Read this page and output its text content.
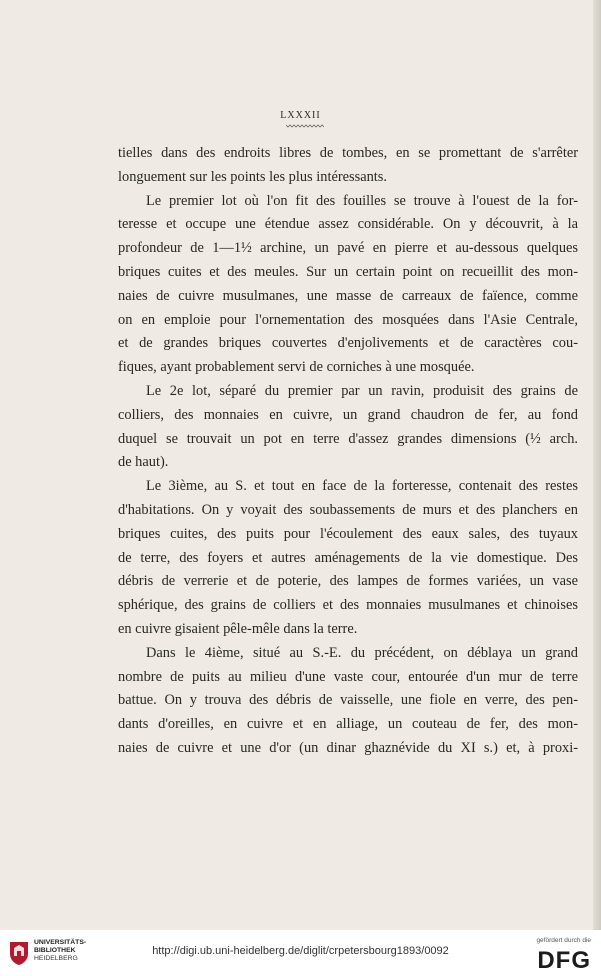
LXXXII
tielles dans des endroits libres de tombes, en se promettant de s'arrêter
longuement sur les points les plus intéressants.
Le premier lot où l'on fit des fouilles se trouve à l'ouest de la for-
teresse et occupe une étendue assez considérable. On y découvrit, à la
profondeur de 1—1½ archine, un pavé en pierre et au-dessous quelques
briques cuites et des meules. Sur un certain point on recueillit des mon-
naies de cuivre musulmanes, une masse de carreaux de faïence, comme
on en emploie pour l'ornementation des mosquées dans l'Asie Centrale,
et de grandes briques couvertes d'enjolivements et de caractères cou-
fiques, ayant probablement servi de corniches à une mosquée.
Le 2e lot, séparé du premier par un ravin, produisit des grains de
colliers, des monnaies en cuivre, un grand chaudron de fer, au fond
duquel se trouvait un pot en terre d'assez grandes dimensions (½ arch.
de haut).
Le 3ième, au S. et tout en face de la forteresse, contenait des restes
d'habitations. On y voyait des soubassements de murs et des planchers en
briques cuites, des puits pour l'écoulement des eaux sales, des tuyaux
de terre, des foyers et autres aménagements de la vie domestique. Des
débris de verrerie et de poterie, des lampes de formes variées, un vase
sphérique, des grains de colliers et des monnaies musulmanes et chinoises
en cuivre gisaient pêle-mêle dans la terre.
Dans le 4ième, situé au S.-E. du précédent, on déblaya un grand
nombre de puits au milieu d'une vaste cour, entourée d'un mur de terre
battue. On y trouva des débris de vaisselle, une fiole en verre, des pen-
dants d'oreilles, en cuivre et en alliage, un couteau de fer, des mon-
naies de cuivre et une d'or (un dinar ghaznévide du XI s.) et, à proxi-
UNIVERSITÄTS-
BIBLIOTHEK
HEIDELBERG
http://digi.ub.uni-heidelberg.de/diglit/crpetersbourg1893/0092
gefördert durch die
DFG
